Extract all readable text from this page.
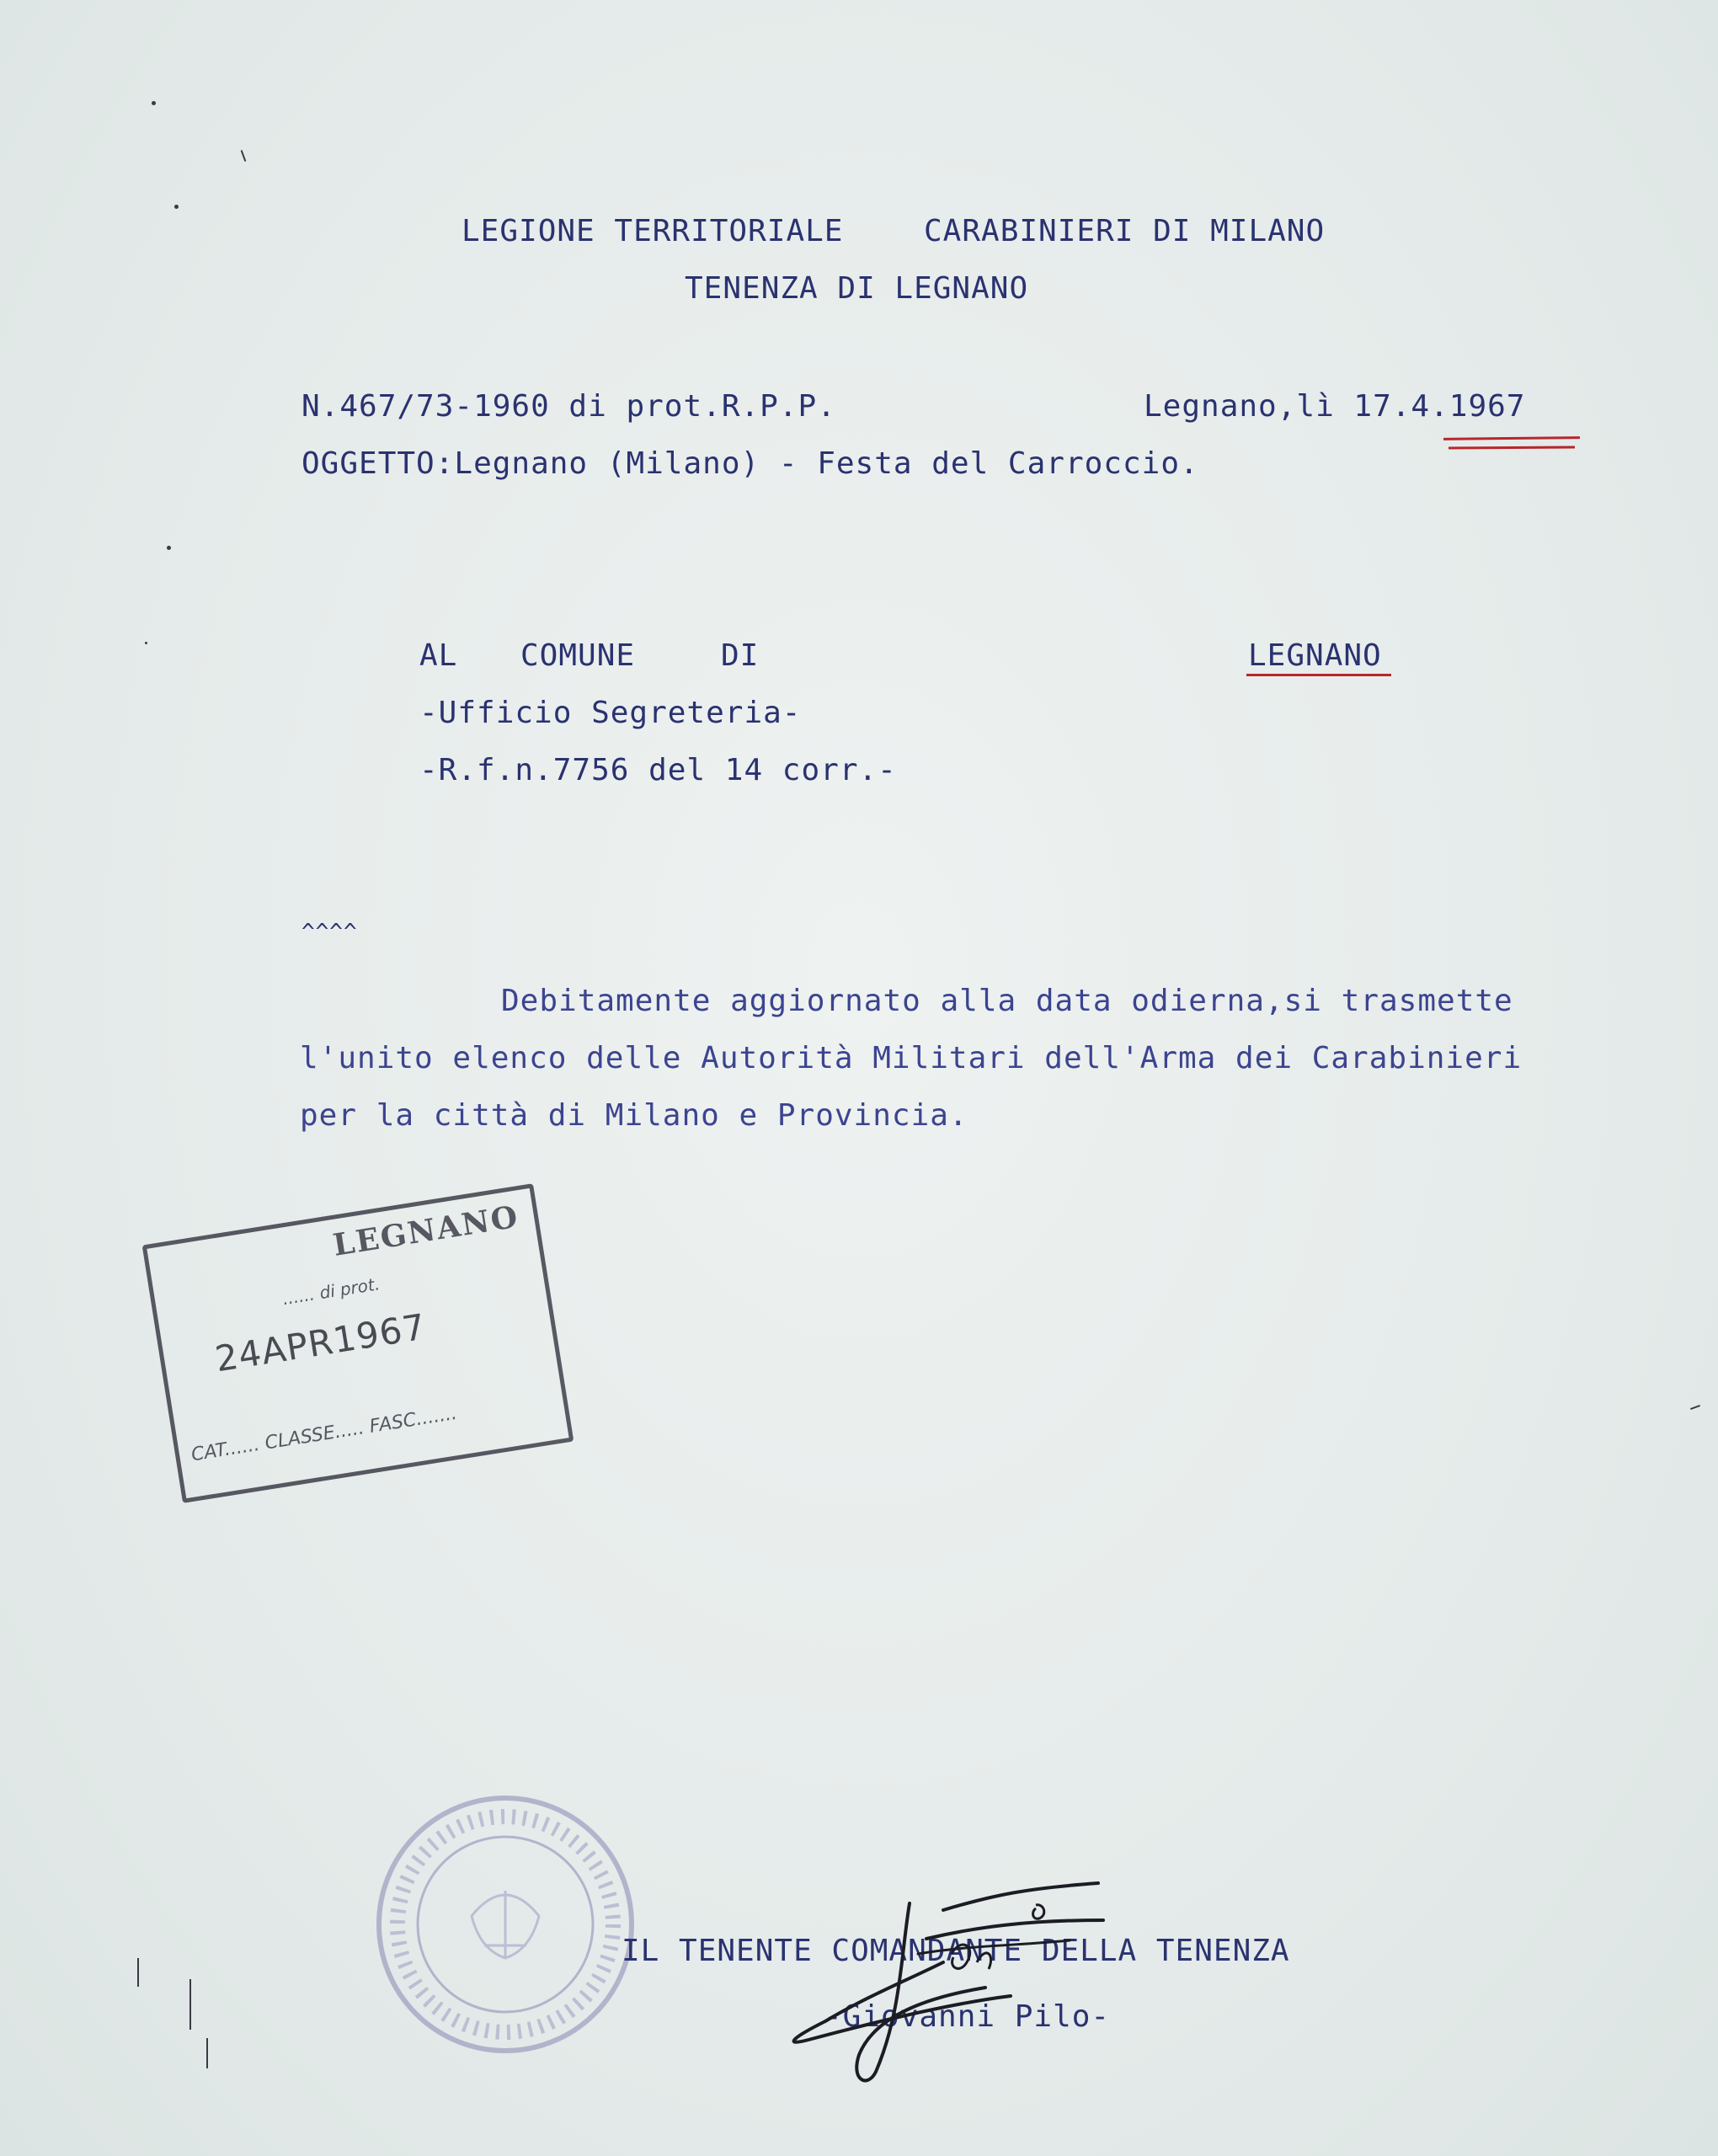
LEGIONE TERRITORIALE	CARABINIERI DI MILANO

TENENZA DI LEGNANO

N.467/73-1960 di prot.R.P.P.	Legnano,lì 17.4.1967

OGGETTO:Legnano (Milano) - Festa del Carroccio.

AL COMUNE	DI	LEGNANO

-Ufficio Segreteria-

-R.f.n.7756 del 14 corr.-

^^^^

Debitamente aggiornato alla data odierna,si trasmette

l'unito elenco delle Autorità Militari dell'Arma dei Carabinieri

per la città di Milano e Provincia.

LEGNANO
...... di prot.
24APR1967
CAT...... CLASSE..... FASC.......

IL TENENTE COMANDANTE DELLA TENENZA

-Giovanni Pilo-
